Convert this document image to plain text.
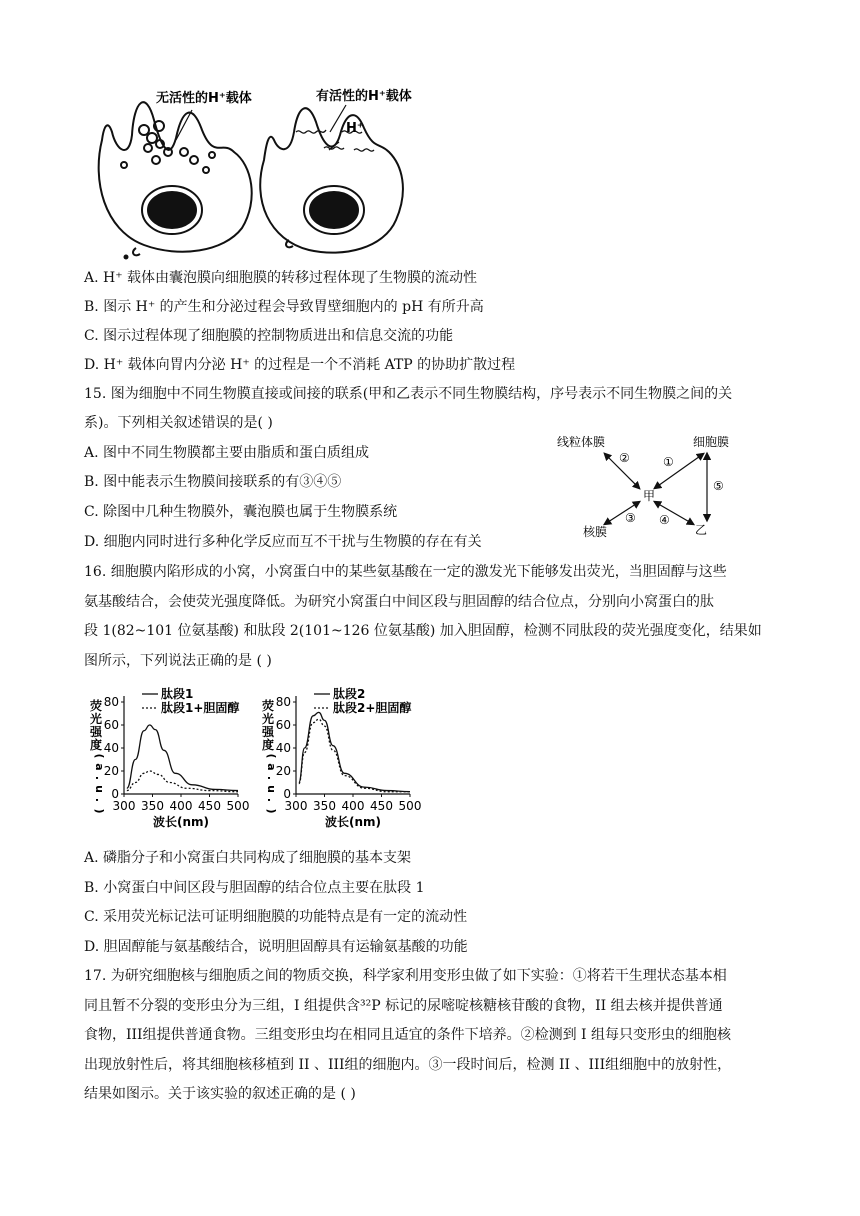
无活性的H⁺载体	有活性的H⁺载体
H⁺
A. H⁺ 载体由囊泡膜向细胞膜的转移过程体现了生物膜的流动性
B. 图示 H⁺ 的产生和分泌过程会导致胃壁细胞内的 pH 有所升高
C. 图示过程体现了细胞膜的控制物质进出和信息交流的功能
D. H⁺ 载体向胃内分泌 H⁺ 的过程是一个不消耗 ATP 的协助扩散过程
15. 图为细胞中不同生物膜直接或间接的联系(甲和乙表示不同生物膜结构，序号表示不同生物膜之间的关
系)。下列相关叙述错误的是( )
A. 图中不同生物膜都主要由脂质和蛋白质组成
B. 图中能表示生物膜间接联系的有③④⑤
C. 除图中几种生物膜外，囊泡膜也属于生物膜系统
D. 细胞内同时进行多种化学反应而互不干扰与生物膜的存在有关
线粒体膜	细胞膜
甲
核膜	乙
①
②
③ ④
⑤
16. 细胞膜内陷形成的小窝，小窝蛋白中的某些氨基酸在一定的激发光下能够发出荧光，当胆固醇与这些
氨基酸结合，会使荧光强度降低。为研究小窝蛋白中间区段与胆固醇的结合位点，分别向小窝蛋白的肽
段 1(82~101 位氨基酸) 和肽段 2(101~126 位氨基酸) 加入胆固醇，检测不同肽段的荧光强度变化，结果如
图所示，下列说法正确的是 ( )
0
20
40
60
80
300 350 400 450 500
波长(nm)
荧
光
强
度
(
a
.
u
.
)
肽段1
肽段1+胆固醇
0
20
40
60
80
300 350 400 450 500
波长(nm)
荧
光
强
度
(
a
.
u
.
)
肽段2
肽段2+胆固醇
A. 磷脂分子和小窝蛋白共同构成了细胞膜的基本支架
B. 小窝蛋白中间区段与胆固醇的结合位点主要在肽段 1
C. 采用荧光标记法可证明细胞膜的功能特点是有一定的流动性
D. 胆固醇能与氨基酸结合，说明胆固醇具有运输氨基酸的功能
17. 为研究细胞核与细胞质之间的物质交换，科学家利用变形虫做了如下实验：①将若干生理状态基本相
同且暂不分裂的变形虫分为三组，I 组提供含³²P 标记的尿嘧啶核糖核苷酸的食物，II 组去核并提供普通
食物，III组提供普通食物。三组变形虫均在相同且适宜的条件下培养。②检测到 I 组每只变形虫的细胞核
出现放射性后，将其细胞核移植到 II 、III组的细胞内。③一段时间后，检测 II 、III组细胞中的放射性，
结果如图示。关于该实验的叙述正确的是 ( )
